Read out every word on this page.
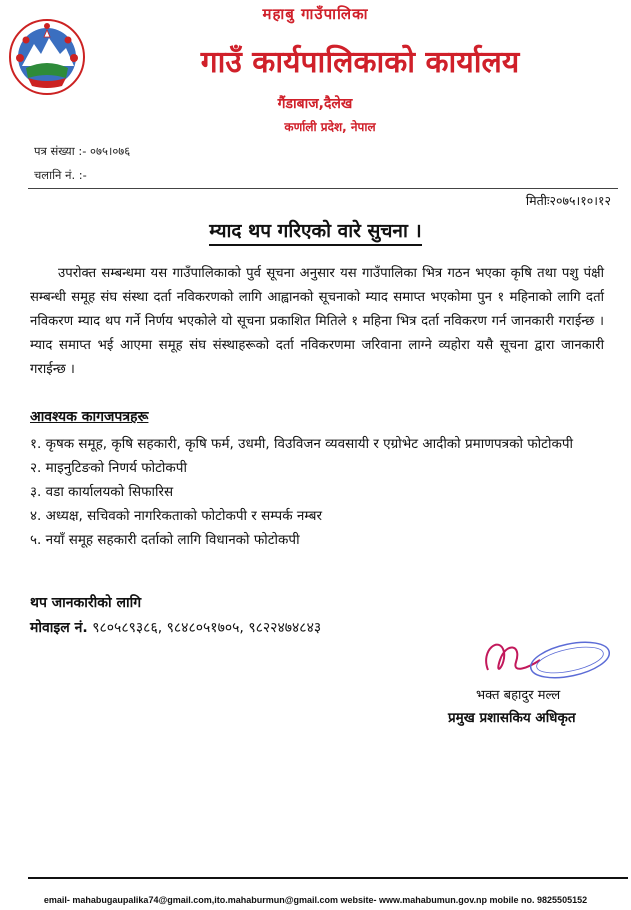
महाबु गाउँपालिका
गाउँ कार्यपालिकाको कार्यालय
गैंडाबाज,दैलेख
कर्णाली प्रदेश, नेपाल
पत्र संख्या :- ०७५।०७६
चलानि नं. :-
मितीः२०७५।१०।१२
म्याद थप गरिएको वारे सुचना ।
उपरोक्त सम्बन्धमा यस गाउँपालिकाको पुर्व सूचना अनुसार यस गाउँपालिका भित्र गठन भएका कृषि तथा पशु पंक्षी सम्बन्धी समूह संघ संस्था दर्ता नविकरणको लागि आह्वानको सूचनाको म्याद समाप्त भएकोमा पुन १ महिनाको लागि दर्ता नविकरण म्याद थप गर्ने निर्णय भएकोले यो सूचना प्रकाशित मितिले १ महिना भित्र दर्ता नविकरण गर्न जानकारी गराईन्छ । म्याद समाप्त भई आएमा समूह संघ संस्थाहरूको दर्ता नविकरणमा जरिवाना लाग्ने व्यहोरा यसै सूचना द्वारा जानकारी गराईन्छ ।
आवश्यक कागजपत्रहरू
१. कृषक समूह, कृषि सहकारी, कृषि फर्म, उधमी, विउविजन व्यवसायी र एग्रोभेट आदीको प्रमाणपत्रको फोटोकपी
२. माइनुटिङको निणर्य फोटोकपी
३. वडा कार्यालयको सिफारिस
४. अध्यक्ष, सचिवको नागरिकताको फोटोकपी र सम्पर्क नम्बर
५. नयाँ समूह सहकारी दर्ताको लागि विधानको फोटोकपी
थप जानकारीको लागि
मोवाइल नं. ९८०५८९३८६, ९८४८०५१७०५, ९८२२४७४८४३
भक्त बहादुर मल्ल
प्रमुख प्रशासकिय अधिकृत
email- mahabugaupalika74@gmail.com,ito.mahaburmun@gmail.com website- www.mahabumun.gov.np mobile no. 9825505152
